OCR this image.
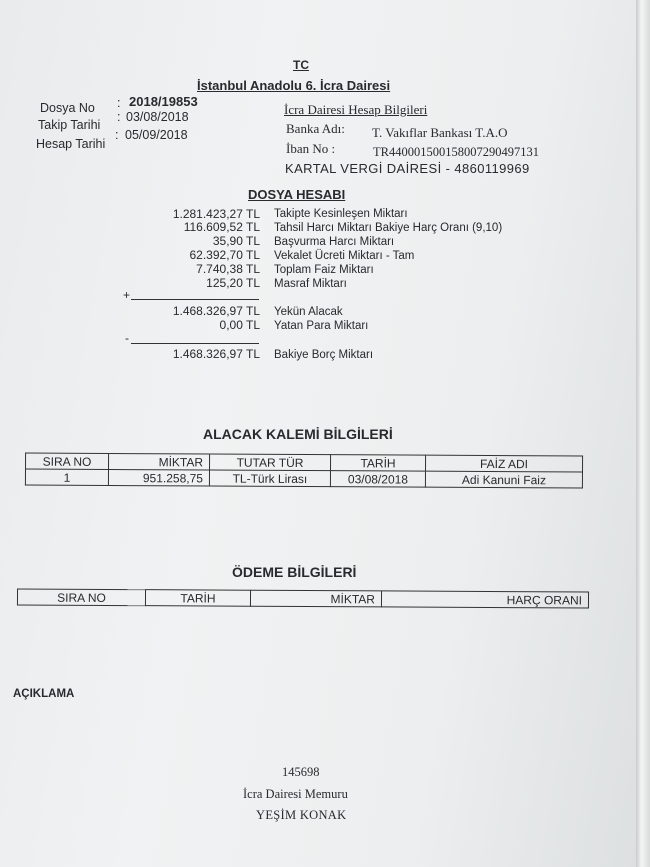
TC
İstanbul Anadolu 6. İcra Dairesi
Dosya No : 2018/19853
Takip Tarihi
: 03/08/2018
Hesap Tarihi
: 05/09/2018
İcra Dairesi Hesap Bilgileri
Banka Adı: T. Vakıflar Bankası T.A.O
İban No :	TR440001500158007290497131
KARTAL VERGİ DAİRESİ - 4860119969
DOSYA HESABI
1.281.423,27 TL Takipte Kesinleşen Miktarı
116.609,52 TL Tahsil Harcı Miktarı Bakiye Harç Oranı (9,10)
35,90 TL Başvurma Harcı Miktarı
62.392,70 TL Vekalet Ücreti Miktarı - Tam
7.740,38 TL Toplam Faiz Miktarı
125,20 TL Masraf Miktarı
+
1.468.326,97 TL Yekün Alacak
0,00 TL Yatan Para Miktarı
-
1.468.326,97 TL Bakiye Borç Miktarı
ALACAK KALEMİ BİLGİLERİ
SIRA NO	MİKTAR	TUTAR TÜR	TARİH	FAİZ ADI
1	951.258,75	TL-Türk Lirası	03/08/2018	Adi Kanuni Faiz
ÖDEME BİLGİLERİ
SIRA NO	TARİH	MİKTAR	HARÇ ORANI
AÇIKLAMA
145698
İcra Dairesi Memuru
YEŞİM KONAK
